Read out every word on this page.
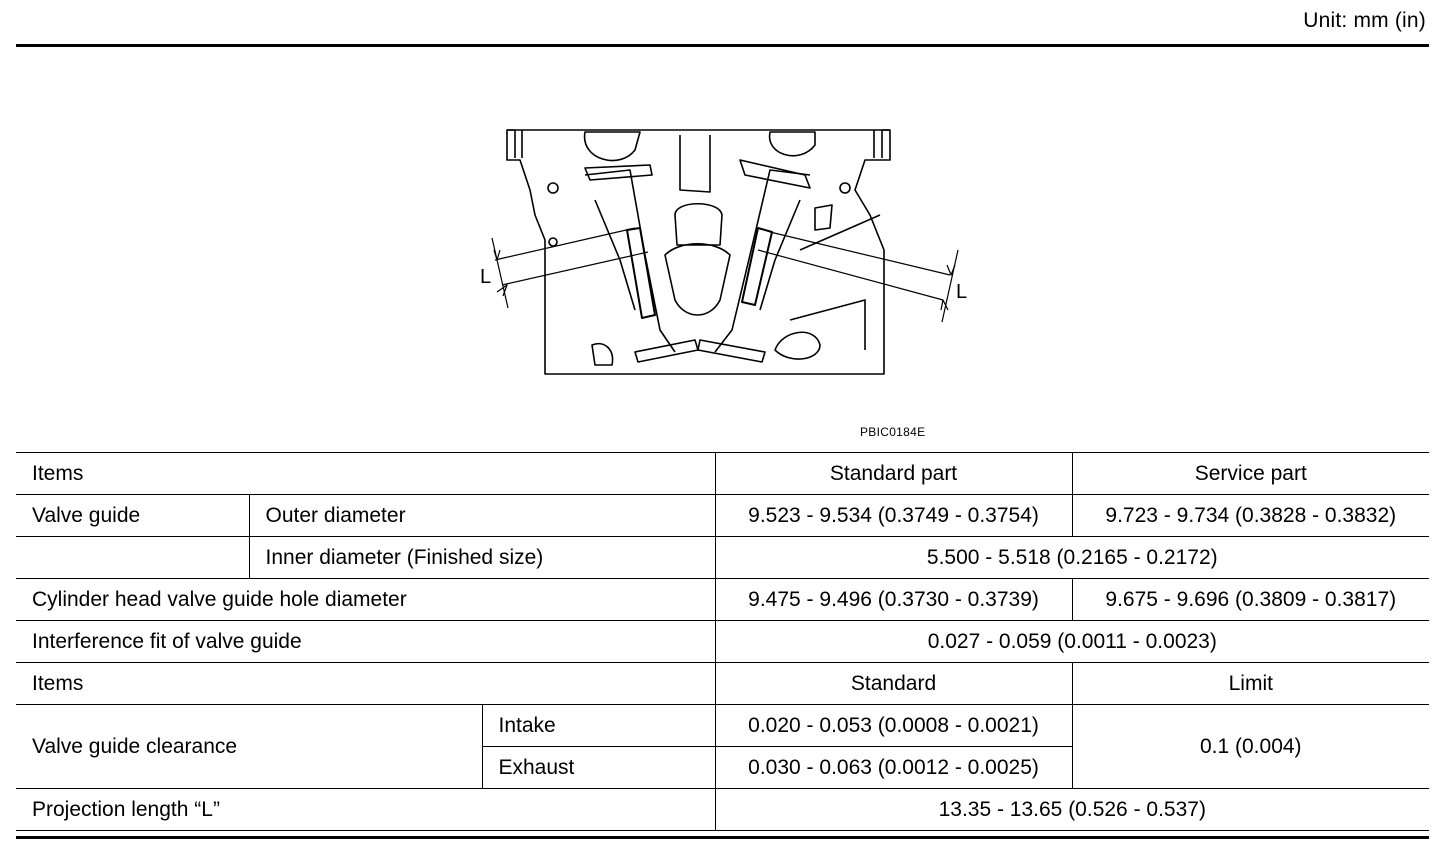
Unit: mm (in)
L
L
PBIC0184E
Items			Standard part	Service part
Valve guide	Outer diameter		9.523 - 9.534 (0.3749 - 0.3754)	9.723 - 9.734 (0.3828 - 0.3832)
	Inner diameter (Finished size)		5.500 - 5.518 (0.2165 - 0.2172)	
Cylinder head valve guide hole diameter			9.475 - 9.496 (0.3730 - 0.3739)	9.675 - 9.696 (0.3809 - 0.3817)
Interference fit of valve guide			0.027 - 0.059 (0.0011 - 0.0023)	
Items			Standard	Limit
Valve guide clearance		Intake	0.020 - 0.053 (0.0008 - 0.0021)	0.1 (0.004)
		Exhaust	0.030 - 0.063 (0.0012 - 0.0025)	
Projection length “L”			13.35 - 13.65 (0.526 - 0.537)	
